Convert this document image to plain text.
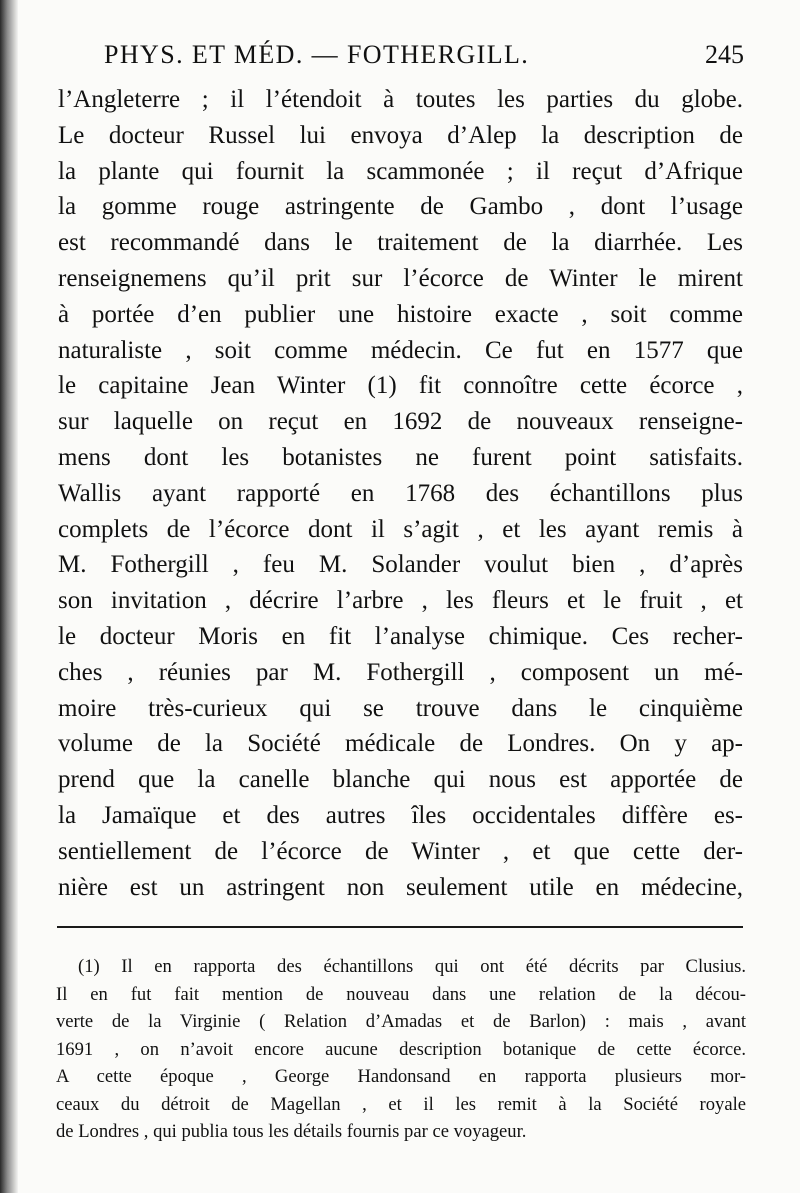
PHYS. ET MÉD. — FOTHERGILL.	245
l’Angleterre ; il l’étendoit à toutes les parties du globe.
Le docteur Russel lui envoya d’Alep la description de
la plante qui fournit la scammonée ; il reçut d’Afrique
la gomme rouge astringente de Gambo , dont l’usage
est recommandé dans le traitement de la diarrhée. Les
renseignemens qu’il prit sur l’écorce de Winter le mirent
à portée d’en publier une histoire exacte , soit comme
naturaliste , soit comme médecin. Ce fut en 1577 que
le capitaine Jean Winter (1) fit connoître cette écorce ,
sur laquelle on reçut en 1692 de nouveaux renseigne-
mens dont les botanistes ne furent point satisfaits.
Wallis ayant rapporté en 1768 des échantillons plus
complets de l’écorce dont il s’agit , et les ayant remis à
M. Fothergill , feu M. Solander voulut bien , d’après
son invitation , décrire l’arbre , les fleurs et le fruit , et
le docteur Moris en fit l’analyse chimique. Ces recher-
ches , réunies par M. Fothergill , composent un mé-
moire très-curieux qui se trouve dans le cinquième
volume de la Société médicale de Londres. On y ap-
prend que la canelle blanche qui nous est apportée de
la Jamaïque et des autres îles occidentales diffère es-
sentiellement de l’écorce de Winter , et que cette der-
nière est un astringent non seulement utile en médecine,
(1) Il en rapporta des échantillons qui ont été décrits par Clusius.
Il en fut fait mention de nouveau dans une relation de la décou-
verte de la Virginie ( Relation d’Amadas et de Barlon) : mais , avant
1691 , on n’avoit encore aucune description botanique de cette écorce.
A cette époque , George Handonsand en rapporta plusieurs mor-
ceaux du détroit de Magellan , et il les remit à la Société royale
de Londres , qui publia tous les détails fournis par ce voyageur.
